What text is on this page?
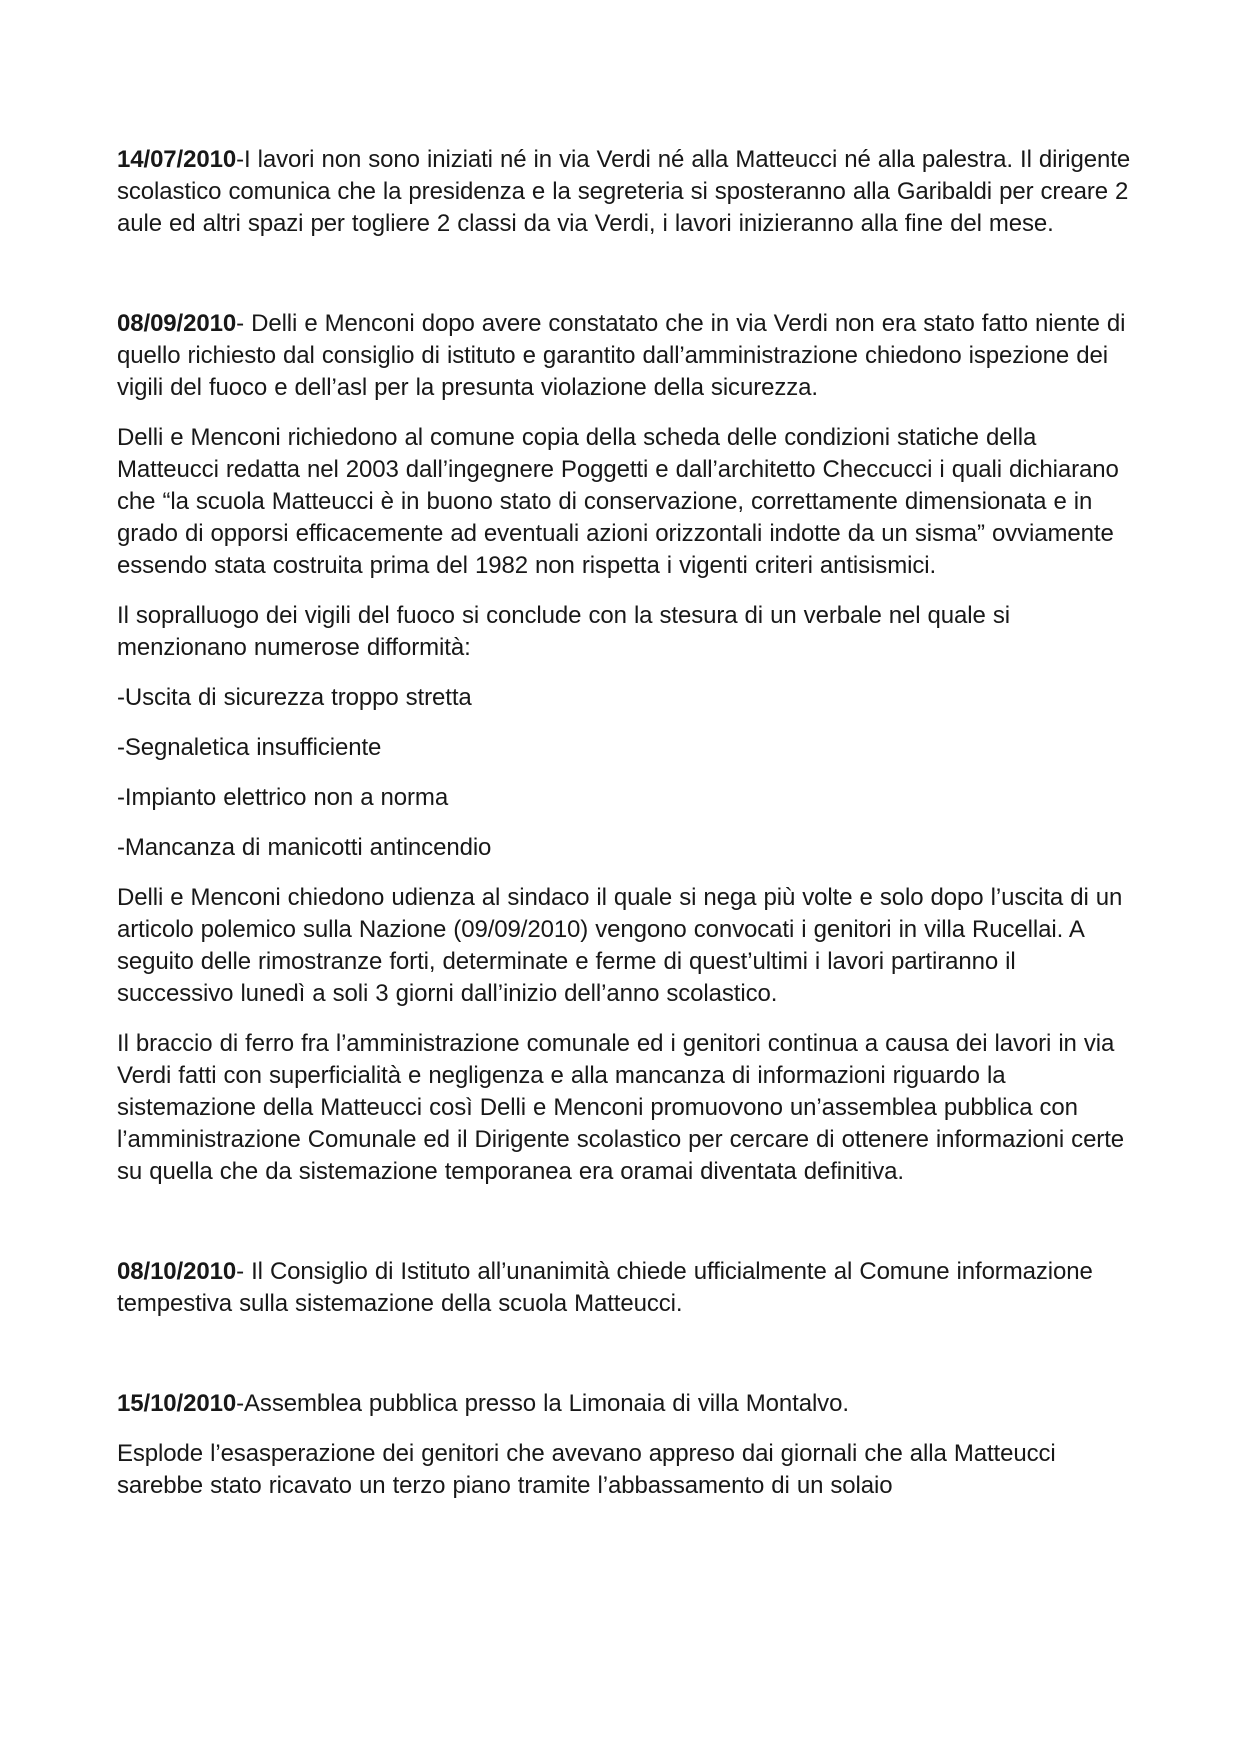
14/07/2010-I lavori non sono iniziati né in via Verdi né alla Matteucci né alla palestra. Il dirigente scolastico comunica che la presidenza e la segreteria si sposteranno alla Garibaldi per creare 2 aule ed altri spazi per togliere 2 classi da via Verdi, i lavori inizieranno alla fine del mese.

08/09/2010- Delli e Menconi dopo avere constatato che in via Verdi non era stato fatto niente di quello richiesto dal consiglio di istituto e garantito dall’amministrazione chiedono ispezione dei vigili del fuoco e dell’asl per la presunta violazione della sicurezza.

Delli e Menconi richiedono al comune copia della scheda delle condizioni statiche della Matteucci redatta nel 2003 dall’ingegnere Poggetti e dall’architetto Checcucci i quali dichiarano che “la scuola Matteucci è in buono stato di conservazione, correttamente dimensionata e in grado di opporsi efficacemente ad eventuali azioni orizzontali indotte da un sisma” ovviamente essendo stata costruita prima del 1982 non rispetta i vigenti criteri antisismici.

Il sopralluogo dei vigili del fuoco si conclude con la stesura di un verbale nel quale si menzionano numerose difformità:

-Uscita di sicurezza troppo stretta

-Segnaletica insufficiente

-Impianto elettrico non a norma

-Mancanza di manicotti antincendio

Delli e Menconi chiedono udienza al sindaco il quale si nega più volte e solo dopo l’uscita di un articolo polemico sulla Nazione (09/09/2010) vengono convocati i genitori in villa Rucellai. A seguito delle rimostranze forti, determinate e ferme di quest’ultimi i lavori partiranno il successivo lunedì a soli 3 giorni dall’inizio dell’anno scolastico.

Il braccio di ferro fra l’amministrazione comunale ed i genitori continua a causa dei lavori in via Verdi fatti con superficialità e negligenza e alla mancanza di informazioni riguardo la sistemazione della Matteucci così Delli e Menconi promuovono un’assemblea pubblica con l’amministrazione Comunale ed il Dirigente scolastico per cercare di ottenere informazioni certe su quella che da sistemazione temporanea era oramai diventata definitiva.

08/10/2010- Il Consiglio di Istituto all’unanimità chiede ufficialmente al Comune informazione tempestiva sulla sistemazione della scuola Matteucci.

15/10/2010-Assemblea pubblica presso la Limonaia di villa Montalvo.

Esplode l’esasperazione dei genitori che avevano appreso dai giornali che alla Matteucci sarebbe stato ricavato un terzo piano tramite l’abbassamento di un solaio
